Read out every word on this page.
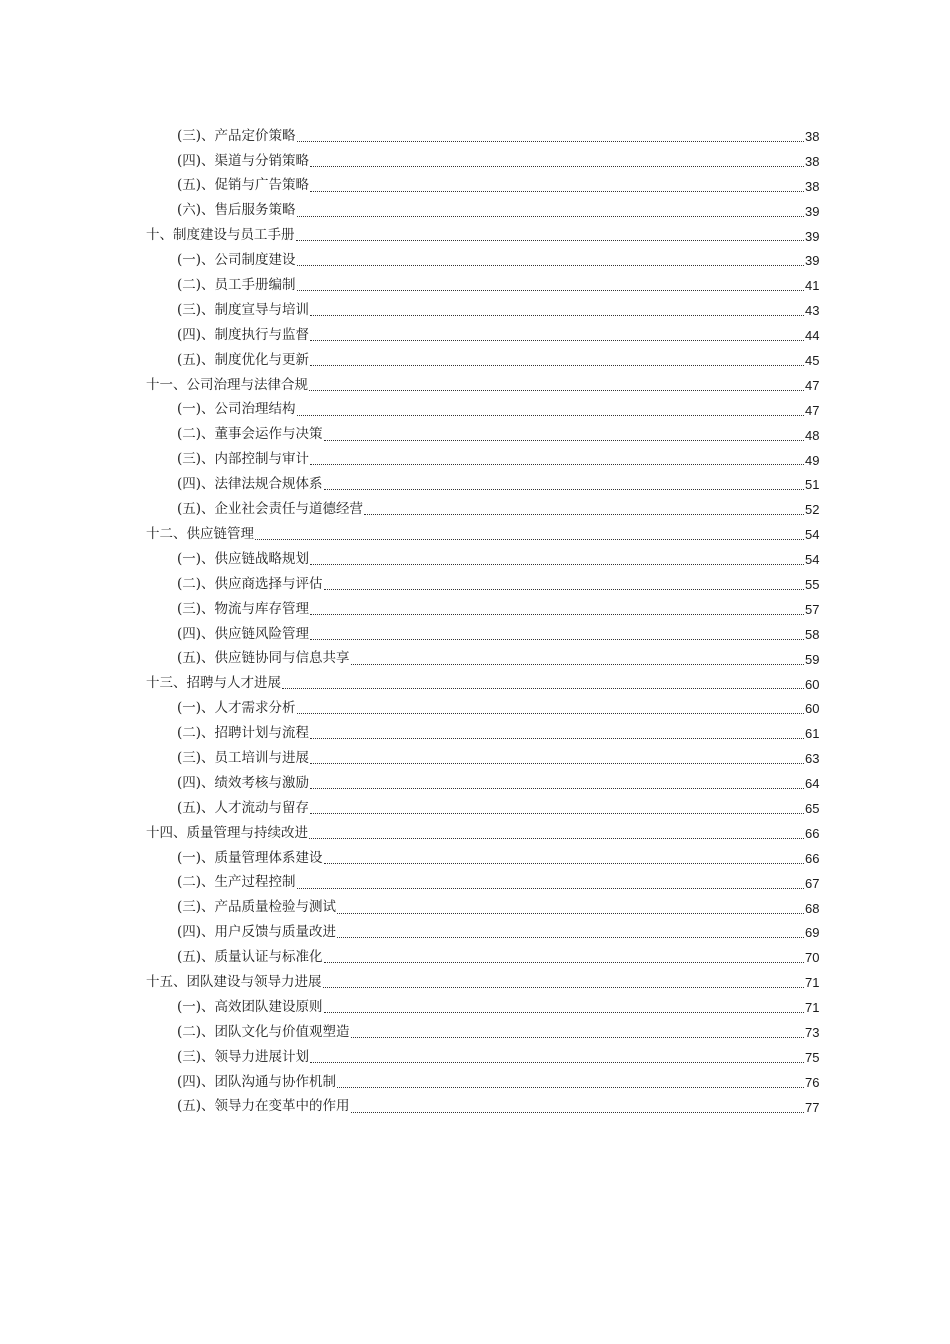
(三)、产品定价策略	38
(四)、渠道与分销策略	38
(五)、促销与广告策略	38
(六)、售后服务策略	39
十、制度建设与员工手册	39
(一)、公司制度建设	39
(二)、员工手册编制	41
(三)、制度宣导与培训	43
(四)、制度执行与监督	44
(五)、制度优化与更新	45
十一、公司治理与法律合规	47
(一)、公司治理结构	47
(二)、董事会运作与决策	48
(三)、内部控制与审计	49
(四)、法律法规合规体系	51
(五)、企业社会责任与道德经营	52
十二、供应链管理	54
(一)、供应链战略规划	54
(二)、供应商选择与评估	55
(三)、物流与库存管理	57
(四)、供应链风险管理	58
(五)、供应链协同与信息共享	59
十三、招聘与人才进展	60
(一)、人才需求分析	60
(二)、招聘计划与流程	61
(三)、员工培训与进展	63
(四)、绩效考核与激励	64
(五)、人才流动与留存	65
十四、质量管理与持续改进	66
(一)、质量管理体系建设	66
(二)、生产过程控制	67
(三)、产品质量检验与测试	68
(四)、用户反馈与质量改进	69
(五)、质量认证与标准化	70
十五、团队建设与领导力进展	71
(一)、高效团队建设原则	71
(二)、团队文化与价值观塑造	73
(三)、领导力进展计划	75
(四)、团队沟通与协作机制	76
(五)、领导力在变革中的作用	77
